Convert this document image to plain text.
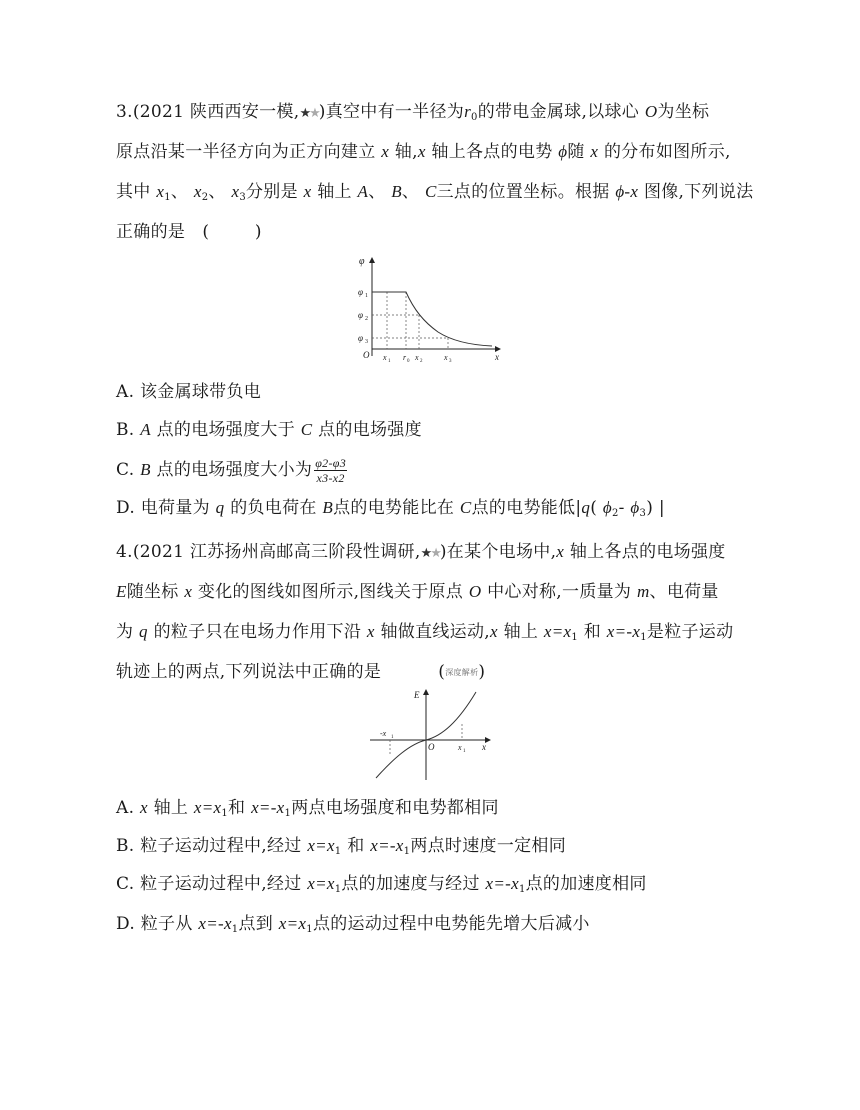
3.(2021 陕西西安一模,★★)真空中有一半径为$r_0$的带电金属球,以球心 O为坐标
原点沿某一半径方向为正方向建立 x 轴,x 轴上各点的电势 ϕ随 x 的分布如图所示,
其中 $x_1$、 $x_2$、 $x_3$分别是 x 轴上 A、 B、 C三点的位置坐标。根据 ϕ-x 图像,下列说法
正确的是 (        )
φ
x
O
φ 1
φ 2
φ 3
x 1 r 0 x 2	x 3
A. 该金属球带负电
B. A 点的电场强度大于 C 点的电场强度
C. B 点的电场强度大小为 $\frac{\varphi 2-\varphi 3}{x3-x2}$
D. 电荷量为 q 的负电荷在 B点的电势能比在 C点的电势能低|q( $\phi_2-$ $\phi_3$) |
4.(2021 江苏扬州高邮高三阶段性调研,★★)在某个电场中,x 轴上各点的电场强度
E随坐标 x 变化的图线如图所示,图线关于原点 O 中心对称,一质量为 m、电荷量
为 q 的粒子只在电场力作用下沿 x 轴做直线运动,x 轴上 $x=x_1$ 和 $x=-x_1$是粒子运动
轨迹上的两点,下列说法中正确的是	(深度解析)
E
x
O
-x 1
x 1
A. x 轴上 $x=x_1$和 $x=-x_1$两点电场强度和电势都相同
B. 粒子运动过程中,经过 $x=x_1$ 和 $x=-x_1$两点时速度一定相同
C. 粒子运动过程中,经过 $x=x_1$点的加速度与经过 $x=-x_1$点的加速度相同
D. 粒子从 $x=-x_1$点到 $x=x_1$点的运动过程中电势能先增大后减小
